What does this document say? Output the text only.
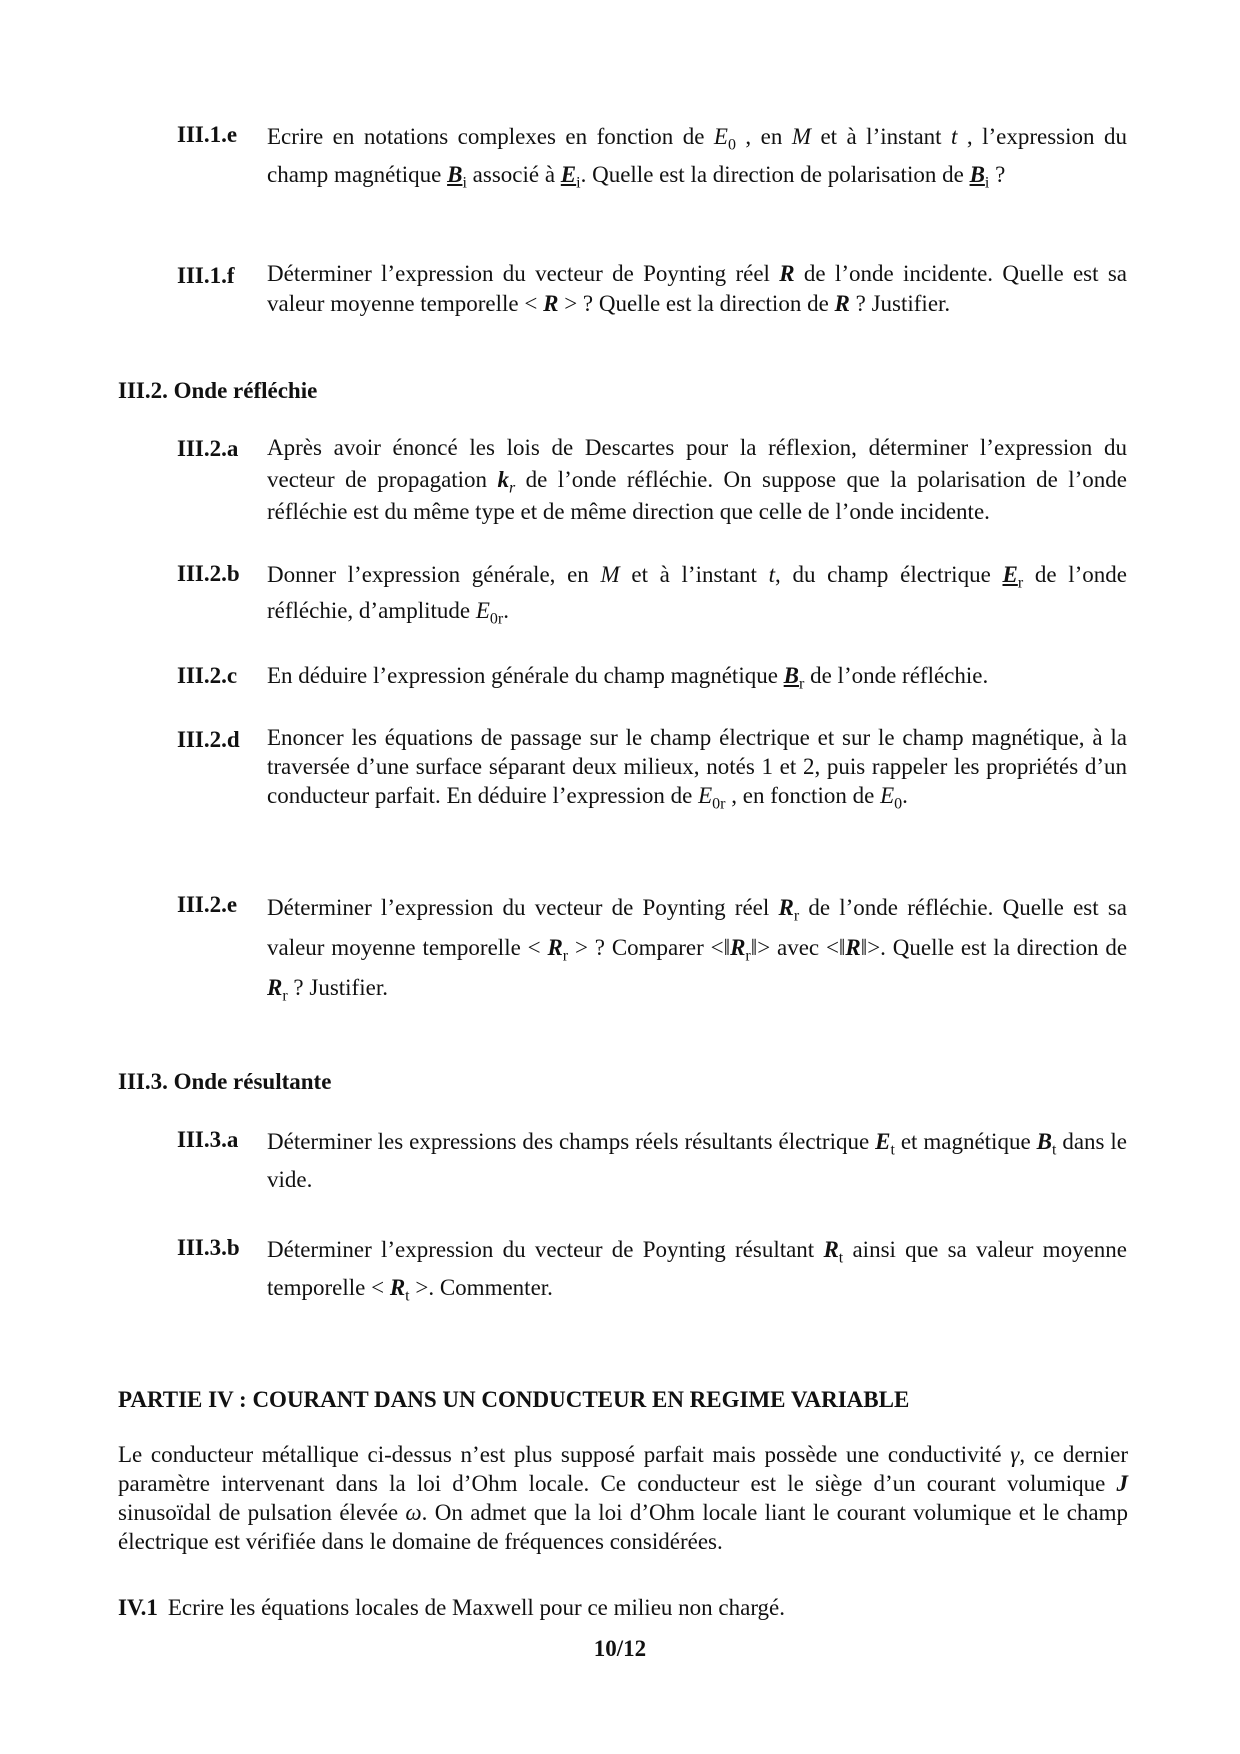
III.1.e	Ecrire en notations complexes en fonction de $E_0$ , en M et à l’instant t , l’expression du champ magnétique $B_i$ associé à $E_i$. Quelle est la direction de polarisation de $B_i$ ?
III.1.f	Déterminer l’expression du vecteur de Poynting réel R de l’onde incidente. Quelle est sa valeur moyenne temporelle < R > ? Quelle est la direction de R ? Justifier.
III.2. Onde réfléchie
III.2.a	Après avoir énoncé les lois de Descartes pour la réflexion, déterminer l’expression du vecteur de propagation $k_r$ de l’onde réfléchie. On suppose que la polarisation de l’onde réfléchie est du même type et de même direction que celle de l’onde incidente.
III.2.b	Donner l’expression générale, en M et à l’instant t, du champ électrique $E_r$ de l’onde réfléchie, d’amplitude $E_{0r}$.
III.2.c	En déduire l’expression générale du champ magnétique $B_r$ de l’onde réfléchie.
III.2.d	Enoncer les équations de passage sur le champ électrique et sur le champ magnétique, à la traversée d’une surface séparant deux milieux, notés 1 et 2, puis rappeler les propriétés d’un conducteur parfait. En déduire l’expression de $E_{0r}$ , en fonction de $E_0$.
III.2.e	Déterminer l’expression du vecteur de Poynting réel $R_r$ de l’onde réfléchie. Quelle est sa valeur moyenne temporelle < $R_r$ > ? Comparer $<‖R_r‖>$ avec <‖R‖>. Quelle est la direction de $R_r$ ? Justifier.
III.3. Onde résultante
III.3.a	Déterminer les expressions des champs réels résultants électrique $E_t$ et magnétique $B_t$ dans le vide.
III.3.b	Déterminer l’expression du vecteur de Poynting résultant $R_t$ ainsi que sa valeur moyenne temporelle < $R_t$ >. Commenter.
PARTIE IV : COURANT DANS UN CONDUCTEUR EN REGIME VARIABLE

Le conducteur métallique ci-dessus n’est plus supposé parfait mais possède une conductivité γ, ce dernier paramètre intervenant dans la loi d’Ohm locale. Ce conducteur est le siège d’un courant volumique J sinusoïdal de pulsation élevée ω. On admet que la loi d’Ohm locale liant le courant volumique et le champ électrique est vérifiée dans le domaine de fréquences considérées.

IV.1 Ecrire les équations locales de Maxwell pour ce milieu non chargé.
10/12
